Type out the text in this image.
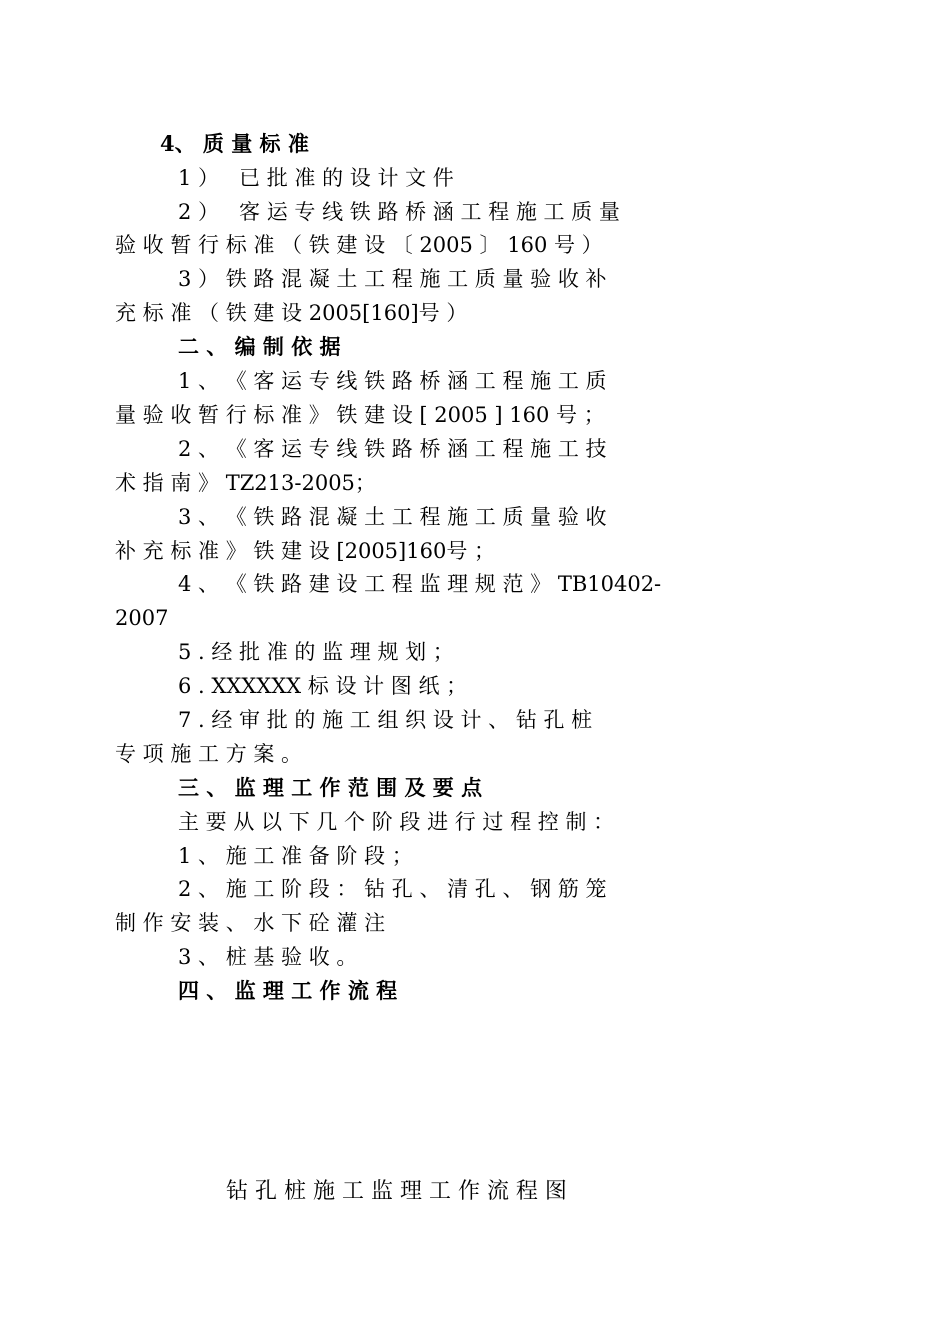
4、 质 量 标 准
1 ）   已 批 准 的 设 计 文 件
2 ）   客 运 专 线 铁 路 桥 涵 工 程 施 工 质 量
验 收 暂 行 标 准 （ 铁 建 设 〔 2005 〕 160 号 ）
3 ） 铁 路 混 凝 土 工 程 施 工 质 量 验 收 补
充 标 准 （ 铁 建 设 2005[160]号 ）
二 、 编 制 依 据
1 、 《 客 运 专 线 铁 路 桥 涵 工 程 施 工 质
量 验 收 暂 行 标 准 》 铁 建 设 [ 2005 ] 160 号 ；
2 、 《 客 运 专 线 铁 路 桥 涵 工 程 施 工 技
术 指 南 》 TZ213-2005；
3 、 《 铁 路 混 凝 土 工 程 施 工 质 量 验 收
补 充 标 准 》 铁 建 设 [2005]160号 ；
4 、 《 铁 路 建 设 工 程 监 理 规 范 》 TB10402-
2007
5 . 经 批 准 的 监 理 规 划 ；
6 . XXXXXX 标 设 计 图 纸 ；
7 . 经 审 批 的 施 工 组 织 设 计 、 钻 孔 桩
专 项 施 工 方 案 。
三 、 监 理 工 作 范 围 及 要 点
主 要 从 以 下 几 个 阶 段 进 行 过 程 控 制 ：
1 、 施 工 准 备 阶 段 ；
2 、 施 工 阶 段 ： 钻 孔 、 清 孔 、 钢 筋 笼
制 作 安 装 、 水 下 砼 灌 注
3 、 桩 基 验 收 。
四 、 监 理 工 作 流 程
钻 孔 桩 施 工 监 理 工 作 流 程 图
